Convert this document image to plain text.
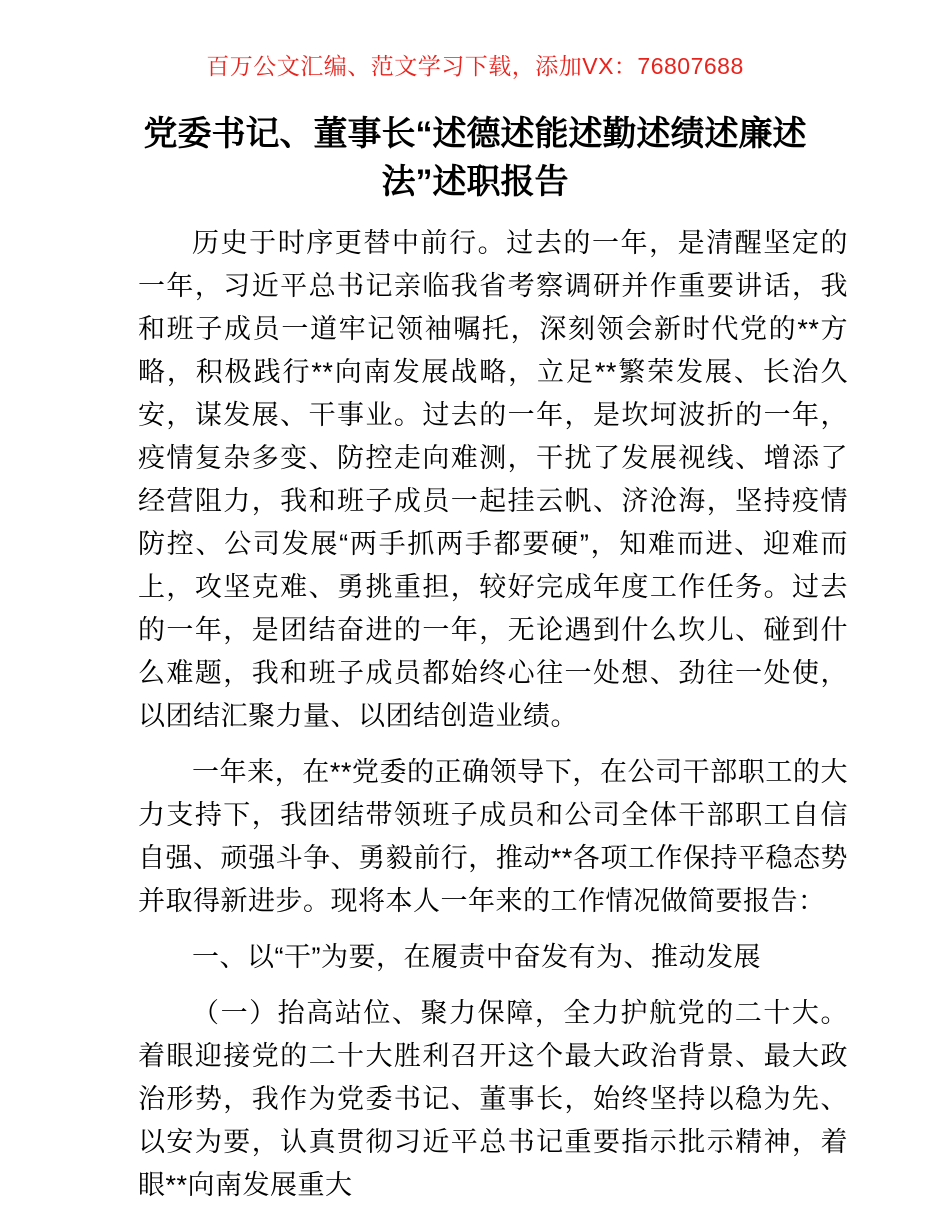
百万公文汇编、范文学习下载，添加VX：76807688
党委书记、董事长“述德述能述勤述绩述廉述法”述职报告

历史于时序更替中前行。过去的一年，是清醒坚定的一年，习近平总书记亲临我省考察调研并作重要讲话，我和班子成员一道牢记领袖嘱托，深刻领会新时代党的**方略，积极践行**向南发展战略，立足**繁荣发展、长治久安，谋发展、干事业。过去的一年，是坎坷波折的一年，疫情复杂多变、防控走向难测，干扰了发展视线、增添了经营阻力，我和班子成员一起挂云帆、济沧海，坚持疫情防控、公司发展“两手抓两手都要硬”，知难而进、迎难而上，攻坚克难、勇挑重担，较好完成年度工作任务。过去的一年，是团结奋进的一年，无论遇到什么坎儿、碰到什么难题，我和班子成员都始终心往一处想、劲往一处使，以团结汇聚力量、以团结创造业绩。

一年来，在**党委的正确领导下，在公司干部职工的大力支持下，我团结带领班子成员和公司全体干部职工自信自强、顽强斗争、勇毅前行，推动**各项工作保持平稳态势并取得新进步。现将本人一年来的工作情况做简要报告：

一、以“干”为要，在履责中奋发有为、推动发展

（一）抬高站位、聚力保障，全力护航党的二十大。着眼迎接党的二十大胜利召开这个最大政治背景、最大政治形势，我作为党委书记、董事长，始终坚持以稳为先、以安为要，认真贯彻习近平总书记重要指示批示精神，着眼**向南发展重大
